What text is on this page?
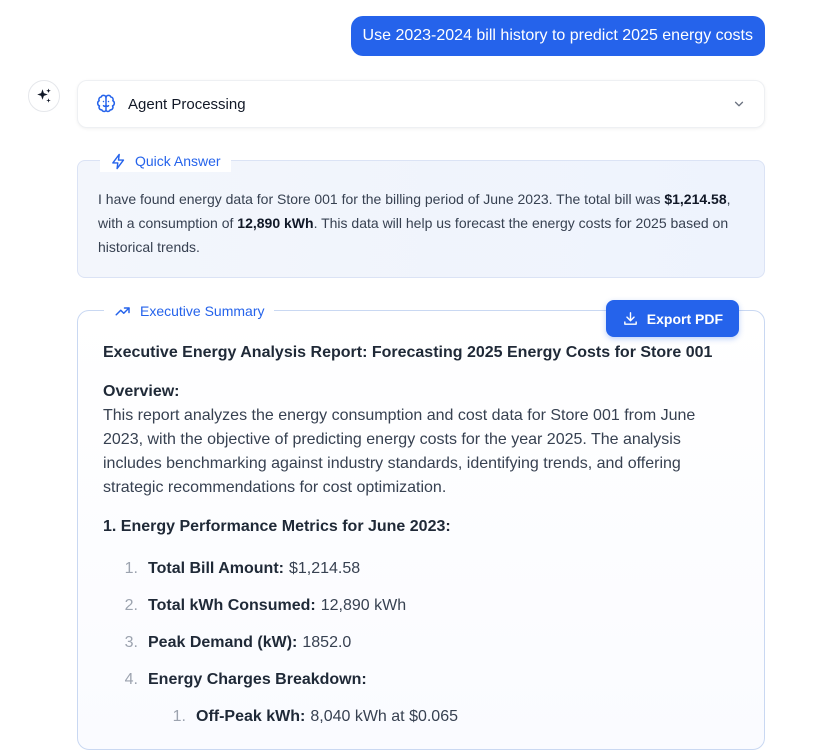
Use 2023-2024 bill history to predict 2025 energy costs
Agent Processing
Quick Answer
I have found energy data for Store 001 for the billing period of June 2023. The total bill was $1,214.58, with a consumption of 12,890 kWh. This data will help us forecast the energy costs for 2025 based on historical trends.
Executive Summary	Export PDF
Executive Energy Analysis Report: Forecasting 2025 Energy Costs for Store 001
Overview:
This report analyzes the energy consumption and cost data for Store 001 from June 2023, with the objective of predicting energy costs for the year 2025. The analysis includes benchmarking against industry standards, identifying trends, and offering strategic recommendations for cost optimization.
1. Energy Performance Metrics for June 2023:
1. Total Bill Amount: $1,214.58
2. Total kWh Consumed: 12,890 kWh
3. Peak Demand (kW): 1852.0
4. Energy Charges Breakdown:
1. Off-Peak kWh: 8,040 kWh at $0.065
